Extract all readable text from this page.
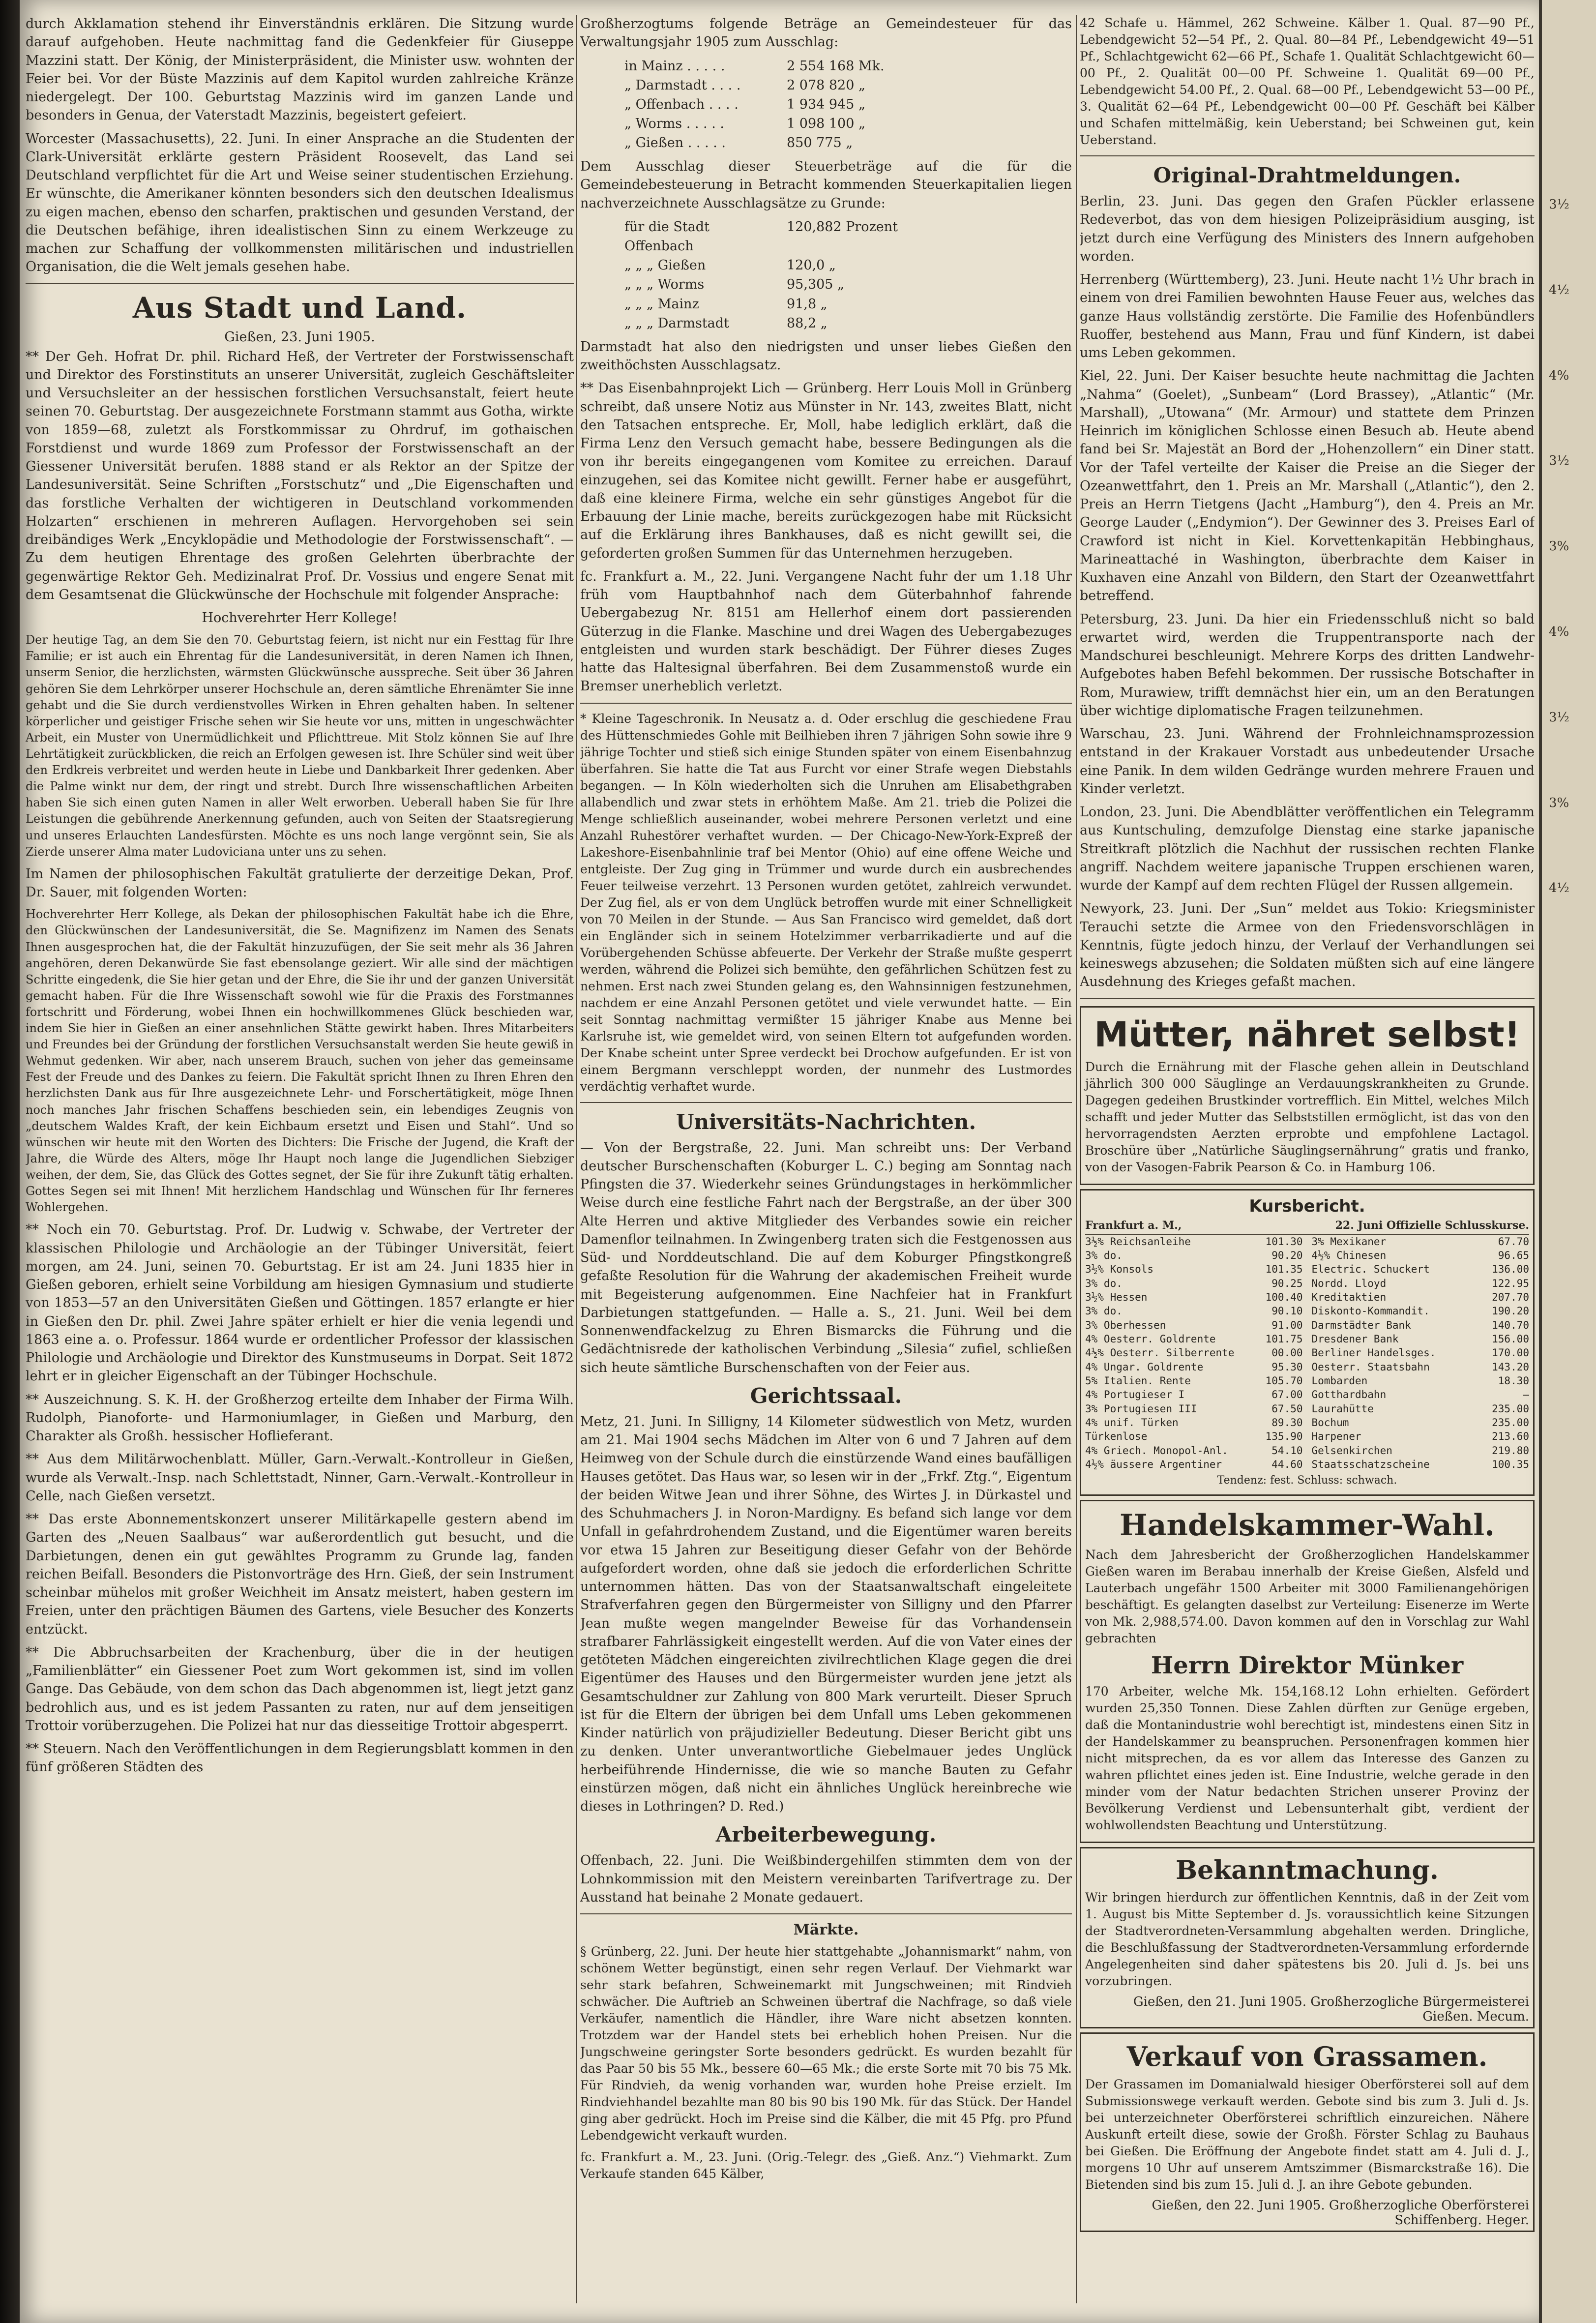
3½
4½
4%
3½
3%
4%
3½
3%
4½

durch Akklamation stehend ihr Einverständnis erklären. Die Sitzung wurde darauf aufgehoben. Heute nachmittag fand die Gedenkfeier für Giuseppe Mazzini statt. Der König, der Ministerpräsident, die Minister usw. wohnten der Feier bei. Vor der Büste Mazzinis auf dem Kapitol wurden zahlreiche Kränze niedergelegt. Der 100. Geburtstag Mazzinis wird im ganzen Lande und besonders in Genua, der Vaterstadt Mazzinis, begeistert gefeiert.

Worcester (Massachusetts), 22. Juni. In einer Ansprache an die Studenten der Clark-Universität erklärte gestern Präsident Roosevelt, das Land sei Deutschland verpflichtet für die Art und Weise seiner studentischen Erziehung. Er wünschte, die Amerikaner könnten besonders sich den deutschen Idealismus zu eigen machen, ebenso den scharfen, praktischen und gesunden Verstand, der die Deutschen befähige, ihren idealistischen Sinn zu einem Werkzeuge zu machen zur Schaffung der vollkommensten militärischen und industriellen Organisation, die die Welt jemals gesehen habe.

Aus Stadt und Land.
Gießen, 23. Juni 1905.

** Der Geh. Hofrat Dr. phil. Richard Heß, der Vertreter der Forstwissenschaft und Direktor des Forstinstituts an unserer Universität, zugleich Geschäftsleiter und Versuchsleiter an der hessischen forstlichen Versuchsanstalt, feiert heute seinen 70. Geburtstag. Der ausgezeichnete Forstmann stammt aus Gotha, wirkte von 1859—68, zuletzt als Forstkommissar zu Ohrdruf, im gothaischen Forstdienst und wurde 1869 zum Professor der Forstwissenschaft an der Giessener Universität berufen. 1888 stand er als Rektor an der Spitze der Landesuniversität. Seine Schriften „Forstschutz“ und „Die Eigenschaften und das forstliche Verhalten der wichtigeren in Deutschland vorkommenden Holzarten“ erschienen in mehreren Auflagen. Hervorgehoben sei sein dreibändiges Werk „Encyklopädie und Methodologie der Forstwissenschaft“. — Zu dem heutigen Ehrentage des großen Gelehrten überbrachte der gegenwärtige Rektor Geh. Medizinalrat Prof. Dr. Vossius und engere Senat mit dem Gesamtsenat die Glückwünsche der Hochschule mit folgender Ansprache:

Hochverehrter Herr Kollege!

Der heutige Tag, an dem Sie den 70. Geburtstag feiern, ist nicht nur ein Festtag für Ihre Familie; er ist auch ein Ehrentag für die Landesuniversität, in deren Namen ich Ihnen, unserm Senior, die herzlichsten, wärmsten Glückwünsche ausspreche. Seit über 36 Jahren gehören Sie dem Lehrkörper unserer Hochschule an, deren sämtliche Ehrenämter Sie inne gehabt und die Sie durch verdienstvolles Wirken in Ehren gehalten haben. In seltener körperlicher und geistiger Frische sehen wir Sie heute vor uns, mitten in ungeschwächter Arbeit, ein Muster von Unermüdlichkeit und Pflichttreue. Mit Stolz können Sie auf Ihre Lehrtätigkeit zurückblicken, die reich an Erfolgen gewesen ist. Ihre Schüler sind weit über den Erdkreis verbreitet und werden heute in Liebe und Dankbarkeit Ihrer gedenken. Aber die Palme winkt nur dem, der ringt und strebt. Durch Ihre wissenschaftlichen Arbeiten haben Sie sich einen guten Namen in aller Welt erworben. Ueberall haben Sie für Ihre Leistungen die gebührende Anerkennung gefunden, auch von Seiten der Staatsregierung und unseres Erlauchten Landesfürsten. Möchte es uns noch lange vergönnt sein, Sie als Zierde unserer Alma mater Ludoviciana unter uns zu sehen.

Im Namen der philosophischen Fakultät gratulierte der derzeitige Dekan, Prof. Dr. Sauer, mit folgenden Worten:

Hochverehrter Herr Kollege, als Dekan der philosophischen Fakultät habe ich die Ehre, den Glückwünschen der Landesuniversität, die Se. Magnifizenz im Namen des Senats Ihnen ausgesprochen hat, die der Fakultät hinzuzufügen, der Sie seit mehr als 36 Jahren angehören, deren Dekanwürde Sie fast ebensolange geziert. Wir alle sind der mächtigen Schritte eingedenk, die Sie hier getan und der Ehre, die Sie ihr und der ganzen Universität gemacht haben. Für die Ihre Wissenschaft sowohl wie für die Praxis des Forstmannes fortschritt und Förderung, wobei Ihnen ein hochwillkommenes Glück beschieden war, indem Sie hier in Gießen an einer ansehnlichen Stätte gewirkt haben. Ihres Mitarbeiters und Freundes bei der Gründung der forstlichen Versuchsanstalt werden Sie heute gewiß in Wehmut gedenken. Wir aber, nach unserem Brauch, suchen von jeher das gemeinsame Fest der Freude und des Dankes zu feiern. Die Fakultät spricht Ihnen zu Ihren Ehren den herzlichsten Dank aus für Ihre ausgezeichnete Lehr- und Forschertätigkeit, möge Ihnen noch manches Jahr frischen Schaffens beschieden sein, ein lebendiges Zeugnis von „deutschem Waldes Kraft, der kein Eichbaum ersetzt und Eisen und Stahl“. Und so wünschen wir heute mit den Worten des Dichters: Die Frische der Jugend, die Kraft der Jahre, die Würde des Alters, möge Ihr Haupt noch lange die Jugendlichen Siebziger weihen, der dem, Sie, das Glück des Gottes segnet, der Sie für ihre Zukunft tätig erhalten. Gottes Segen sei mit Ihnen! Mit herzlichem Handschlag und Wünschen für Ihr ferneres Wohlergehen.

** Noch ein 70. Geburtstag. Prof. Dr. Ludwig v. Schwabe, der Vertreter der klassischen Philologie und Archäologie an der Tübinger Universität, feiert morgen, am 24. Juni, seinen 70. Geburtstag. Er ist am 24. Juni 1835 hier in Gießen geboren, erhielt seine Vorbildung am hiesigen Gymnasium und studierte von 1853—57 an den Universitäten Gießen und Göttingen. 1857 erlangte er hier in Gießen den Dr. phil. Zwei Jahre später erhielt er hier die venia legendi und 1863 eine a. o. Professur. 1864 wurde er ordentlicher Professor der klassischen Philologie und Archäologie und Direktor des Kunstmuseums in Dorpat. Seit 1872 lehrt er in gleicher Eigenschaft an der Tübinger Hochschule.

** Auszeichnung. S. K. H. der Großherzog erteilte dem Inhaber der Firma Wilh. Rudolph, Pianoforte- und Harmoniumlager, in Gießen und Marburg, den Charakter als Großh. hessischer Hoflieferant.

** Aus dem Militärwochenblatt. Müller, Garn.-Verwalt.-Kontrolleur in Gießen, wurde als Verwalt.-Insp. nach Schlettstadt, Ninner, Garn.-Verwalt.-Kontrolleur in Celle, nach Gießen versetzt.

** Das erste Abonnementskonzert unserer Militärkapelle gestern abend im Garten des „Neuen Saalbaus“ war außerordentlich gut besucht, und die Darbietungen, denen ein gut gewähltes Programm zu Grunde lag, fanden reichen Beifall. Besonders die Pistonvorträge des Hrn. Gieß, der sein Instrument scheinbar mühelos mit großer Weichheit im Ansatz meistert, haben gestern im Freien, unter den prächtigen Bäumen des Gartens, viele Besucher des Konzerts entzückt.

** Die Abbruchsarbeiten der Krachenburg, über die in der heutigen „Familienblätter“ ein Giessener Poet zum Wort gekommen ist, sind im vollen Gange. Das Gebäude, von dem schon das Dach abgenommen ist, liegt jetzt ganz bedrohlich aus, und es ist jedem Passanten zu raten, nur auf dem jenseitigen Trottoir vorüberzugehen. Die Polizei hat nur das diesseitige Trottoir abgesperrt.

** Steuern. Nach den Veröffentlichungen in dem Regierungsblatt kommen in den fünf größeren Städten des

Großherzogtums folgende Beträge an Gemeindesteuer für das Verwaltungsjahr 1905 zum Ausschlag:

in Mainz . . . . .	2 554 168 Mk.
„ Darmstadt . . . .	2 078 820 „
„ Offenbach . . . .	1 934 945 „
„ Worms . . . . .	1 098 100 „
„ Gießen . . . . .	850 775 „

Dem Ausschlag dieser Steuerbeträge auf die für die Gemeindebesteuerung in Betracht kommenden Steuerkapitalien liegen nachverzeichnete Ausschlagsätze zu Grunde:

für die Stadt Offenbach
120,882 Prozent
„ „ „ Gießen	120,0 „
„ „ „ Worms	95,305 „
„ „ „ Mainz	91,8 „
„ „ „ Darmstadt	88,2 „

Darmstadt hat also den niedrigsten und unser liebes Gießen den zweithöchsten Ausschlagsatz.

** Das Eisenbahnprojekt Lich — Grünberg. Herr Louis Moll in Grünberg schreibt, daß unsere Notiz aus Münster in Nr. 143, zweites Blatt, nicht den Tatsachen entspreche. Er, Moll, habe lediglich erklärt, daß die Firma Lenz den Versuch gemacht habe, bessere Bedingungen als die von ihr bereits eingegangenen vom Komitee zu erreichen. Darauf einzugehen, sei das Komitee nicht gewillt. Ferner habe er ausgeführt, daß eine kleinere Firma, welche ein sehr günstiges Angebot für die Erbauung der Linie mache, bereits zurückgezogen habe mit Rücksicht auf die Erklärung ihres Bankhauses, daß es nicht gewillt sei, die geforderten großen Summen für das Unternehmen herzugeben.

fc. Frankfurt a. M., 22. Juni. Vergangene Nacht fuhr der um 1.18 Uhr früh vom Hauptbahnhof nach dem Güterbahnhof fahrende Uebergabezug Nr. 8151 am Hellerhof einem dort passierenden Güterzug in die Flanke. Maschine und drei Wagen des Uebergabezuges entgleisten und wurden stark beschädigt. Der Führer dieses Zuges hatte das Haltesignal überfahren. Bei dem Zusammenstoß wurde ein Bremser unerheblich verletzt.

* Kleine Tageschronik. In Neusatz a. d. Oder erschlug die geschiedene Frau des Hüttenschmiedes Gohle mit Beilhieben ihren 7 jährigen Sohn sowie ihre 9 jährige Tochter und stieß sich einige Stunden später von einem Eisenbahnzug überfahren. Sie hatte die Tat aus Furcht vor einer Strafe wegen Diebstahls begangen. — In Köln wiederholten sich die Unruhen am Elisabethgraben allabendlich und zwar stets in erhöhtem Maße. Am 21. trieb die Polizei die Menge schließlich auseinander, wobei mehrere Personen verletzt und eine Anzahl Ruhestörer verhaftet wurden. — Der Chicago-New-York-Expreß der Lakeshore-Eisenbahnlinie traf bei Mentor (Ohio) auf eine offene Weiche und entgleiste. Der Zug ging in Trümmer und wurde durch ein ausbrechendes Feuer teilweise verzehrt. 13 Personen wurden getötet, zahlreich verwundet. Der Zug fiel, als er von dem Unglück betroffen wurde mit einer Schnelligkeit von 70 Meilen in der Stunde. — Aus San Francisco wird gemeldet, daß dort ein Engländer sich in seinem Hotelzimmer verbarrikadierte und auf die Vorübergehenden Schüsse abfeuerte. Der Verkehr der Straße mußte gesperrt werden, während die Polizei sich bemühte, den gefährlichen Schützen fest zu nehmen. Erst nach zwei Stunden gelang es, den Wahnsinnigen festzunehmen, nachdem er eine Anzahl Personen getötet und viele verwundet hatte. — Ein seit Sonntag nachmittag vermißter 15 jähriger Knabe aus Menne bei Karlsruhe ist, wie gemeldet wird, von seinen Eltern tot aufgefunden worden. Der Knabe scheint unter Spree verdeckt bei Drochow aufgefunden. Er ist von einem Bergmann verschleppt worden, der nunmehr des Lustmordes verdächtig verhaftet wurde.

Universitäts-Nachrichten.

— Von der Bergstraße, 22. Juni. Man schreibt uns: Der Verband deutscher Burschenschaften (Koburger L. C.) beging am Sonntag nach Pfingsten die 37. Wiederkehr seines Gründungstages in herkömmlicher Weise durch eine festliche Fahrt nach der Bergstraße, an der über 300 Alte Herren und aktive Mitglieder des Verbandes sowie ein reicher Damenflor teilnahmen. In Zwingenberg traten sich die Festgenossen aus Süd- und Norddeutschland. Die auf dem Koburger Pfingstkongreß gefaßte Resolution für die Wahrung der akademischen Freiheit wurde mit Begeisterung aufgenommen. Eine Nachfeier hat in Frankfurt Darbietungen stattgefunden. — Halle a. S., 21. Juni. Weil bei dem Sonnenwendfackelzug zu Ehren Bismarcks die Führung und die Gedächtnisrede der katholischen Verbindung „Silesia“ zufiel, schließen sich heute sämtliche Burschenschaften von der Feier aus.

Gerichtssaal.

Metz, 21. Juni. In Silligny, 14 Kilometer südwestlich von Metz, wurden am 21. Mai 1904 sechs Mädchen im Alter von 6 und 7 Jahren auf dem Heimweg von der Schule durch die einstürzende Wand eines baufälligen Hauses getötet. Das Haus war, so lesen wir in der „Frkf. Ztg.“, Eigentum der beiden Witwe Jean und ihrer Söhne, des Wirtes J. in Dürkastel und des Schuhmachers J. in Noron-Mardigny. Es befand sich lange vor dem Unfall in gefahrdrohendem Zustand, und die Eigentümer waren bereits vor etwa 15 Jahren zur Beseitigung dieser Gefahr von der Behörde aufgefordert worden, ohne daß sie jedoch die erforderlichen Schritte unternommen hätten. Das von der Staatsanwaltschaft eingeleitete Strafverfahren gegen den Bürgermeister von Silligny und den Pfarrer Jean mußte wegen mangelnder Beweise für das Vorhandensein strafbarer Fahrlässigkeit eingestellt werden. Auf die von Vater eines der getöteten Mädchen eingereichten zivilrechtlichen Klage gegen die drei Eigentümer des Hauses und den Bürgermeister wurden jene jetzt als Gesamtschuldner zur Zahlung von 800 Mark verurteilt. Dieser Spruch ist für die Eltern der übrigen bei dem Unfall ums Leben gekommenen Kinder natürlich von präjudizieller Bedeutung. Dieser Bericht gibt uns zu denken. Unter unverantwortliche Giebelmauer jedes Unglück herbeiführende Hindernisse, die wie so manche Bauten zu Gefahr einstürzen mögen, daß nicht ein ähnliches Unglück hereinbreche wie dieses in Lothringen? D. Red.)

Arbeiterbewegung.

Offenbach, 22. Juni. Die Weißbindergehilfen stimmten dem von der Lohnkommission mit den Meistern vereinbarten Tarifvertrage zu. Der Ausstand hat beinahe 2 Monate gedauert.

Märkte.

§ Grünberg, 22. Juni. Der heute hier stattgehabte „Johannismarkt“ nahm, von schönem Wetter begünstigt, einen sehr regen Verlauf. Der Viehmarkt war sehr stark befahren, Schweinemarkt mit Jungschweinen; mit Rindvieh schwächer. Die Auftrieb an Schweinen übertraf die Nachfrage, so daß viele Verkäufer, namentlich die Händler, ihre Ware nicht absetzen konnten. Trotzdem war der Handel stets bei erheblich hohen Preisen. Nur die Jungschweine geringster Sorte besonders gedrückt. Es wurden bezahlt für das Paar 50 bis 55 Mk., bessere 60—65 Mk.; die erste Sorte mit 70 bis 75 Mk. Für Rindvieh, da wenig vorhanden war, wurden hohe Preise erzielt. Im Rindviehhandel bezahlte man 80 bis 90 bis 190 Mk. für das Stück. Der Handel ging aber gedrückt. Hoch im Preise sind die Kälber, die mit 45 Pfg. pro Pfund Lebendgewicht verkauft wurden.

fc. Frankfurt a. M., 23. Juni. (Orig.-Telegr. des „Gieß. Anz.“) Viehmarkt. Zum Verkaufe standen 645 Kälber,

42 Schafe u. Hämmel, 262 Schweine. Kälber 1. Qual. 87—90 Pf., Lebendgewicht 52—54 Pf., 2. Qual. 80—84 Pf., Lebendgewicht 49—51 Pf., Schlachtgewicht 62—66 Pf., Schafe 1. Qualität Schlachtgewicht 60—00 Pf., 2. Qualität 00—00 Pf. Schweine 1. Qualität 69—00 Pf., Lebendgewicht 54.00 Pf., 2. Qual. 68—00 Pf., Lebendgewicht 53—00 Pf., 3. Qualität 62—64 Pf., Lebendgewicht 00—00 Pf. Geschäft bei Kälber und Schafen mittelmäßig, kein Ueberstand; bei Schweinen gut, kein Ueberstand.

Original-Drahtmeldungen.

Berlin, 23. Juni. Das gegen den Grafen Pückler erlassene Redeverbot, das von dem hiesigen Polizeipräsidium ausging, ist jetzt durch eine Verfügung des Ministers des Innern aufgehoben worden.

Herrenberg (Württemberg), 23. Juni. Heute nacht 1½ Uhr brach in einem von drei Familien bewohnten Hause Feuer aus, welches das ganze Haus vollständig zerstörte. Die Familie des Hofenbündlers Ruoffer, bestehend aus Mann, Frau und fünf Kindern, ist dabei ums Leben gekommen.

Kiel, 22. Juni. Der Kaiser besuchte heute nachmittag die Jachten „Nahma“ (Goelet), „Sunbeam“ (Lord Brassey), „Atlantic“ (Mr. Marshall), „Utowana“ (Mr. Armour) und stattete dem Prinzen Heinrich im königlichen Schlosse einen Besuch ab. Heute abend fand bei Sr. Majestät an Bord der „Hohenzollern“ ein Diner statt. Vor der Tafel verteilte der Kaiser die Preise an die Sieger der Ozeanwettfahrt, den 1. Preis an Mr. Marshall („Atlantic“), den 2. Preis an Herrn Tietgens (Jacht „Hamburg“), den 4. Preis an Mr. George Lauder („Endymion“). Der Gewinner des 3. Preises Earl of Crawford ist nicht in Kiel. Korvettenkapitän Hebbinghaus, Marineattaché in Washington, überbrachte dem Kaiser in Kuxhaven eine Anzahl von Bildern, den Start der Ozeanwettfahrt betreffend.

Petersburg, 23. Juni. Da hier ein Friedensschluß nicht so bald erwartet wird, werden die Truppentransporte nach der Mandschurei beschleunigt. Mehrere Korps des dritten Landwehr-Aufgebotes haben Befehl bekommen. Der russische Botschafter in Rom, Murawiew, trifft demnächst hier ein, um an den Beratungen über wichtige diplomatische Fragen teilzunehmen.

Warschau, 23. Juni. Während der Frohnleichnamsprozession entstand in der Krakauer Vorstadt aus unbedeutender Ursache eine Panik. In dem wilden Gedränge wurden mehrere Frauen und Kinder verletzt.

London, 23. Juni. Die Abendblätter veröffentlichen ein Telegramm aus Kuntschuling, demzufolge Dienstag eine starke japanische Streitkraft plötzlich die Nachhut der russischen rechten Flanke angriff. Nachdem weitere japanische Truppen erschienen waren, wurde der Kampf auf dem rechten Flügel der Russen allgemein.

Newyork, 23. Juni. Der „Sun“ meldet aus Tokio: Kriegsminister Terauchi setzte die Armee von den Friedensvorschlägen in Kenntnis, fügte jedoch hinzu, der Verlauf der Verhandlungen sei keineswegs abzusehen; die Soldaten müßten sich auf eine längere Ausdehnung des Krieges gefaßt machen.

Mütter, nähret selbst!

Durch die Ernährung mit der Flasche gehen allein in Deutschland jährlich 300 000 Säuglinge an Verdauungskrankheiten zu Grunde. Dagegen gedeihen Brustkinder vortrefflich. Ein Mittel, welches Milch schafft und jeder Mutter das Selbststillen ermöglicht, ist das von den hervorragendsten Aerzten erprobte und empfohlene Lactagol. Broschüre über „Natürliche Säuglingsernährung“ gratis und franko, von der Vasogen-Fabrik Pearson & Co. in Hamburg 106.

Kursbericht.
Frankfurt a. M.,	22. Juni Offizielle Schlusskurse.
3½% Reichsanleihe	101.30
3% do.	90.20
3½% Konsols	101.35
3% do.	90.25
3½% Hessen	100.40
3% do.	90.10
3% Oberhessen	91.00
4% Oesterr. Goldrente	101.75
4½% Oesterr. Silberrente	00.00
4% Ungar. Goldrente	95.30
5% Italien. Rente	105.70
4% Portugieser I	67.00
3% Portugiesen III	67.50
4% unif. Türken	89.30
Türkenlose	135.90
4% Griech. Monopol-Anl.	54.10
4½% äussere Argentiner	44.60
3% Mexikaner	67.70
4½% Chinesen	96.65
Electric. Schuckert	136.00
Nordd. Lloyd	122.95
Kreditaktien	207.70
Diskonto-Kommandit.	190.20
Darmstädter Bank	140.70
Dresdener Bank	156.00
Berliner Handelsges.	170.00
Oesterr. Staatsbahn	143.20
Lombarden	18.30
Gotthardbahn	—
Laurahütte	235.00
Bochum	235.00
Harpener	213.60
Gelsenkirchen	219.80
Staatsschatzscheine	100.35
Tendenz: fest. Schluss: schwach.
Handelskammer-Wahl.

Nach dem Jahresbericht der Großherzoglichen Handelskammer Gießen waren im Berabau innerhalb der Kreise Gießen, Alsfeld und Lauterbach ungefähr 1500 Arbeiter mit 3000 Familienangehörigen beschäftigt. Es gelangten daselbst zur Verteilung: Eisenerze im Werte von Mk. 2,988,574.00. Davon kommen auf den in Vorschlag zur Wahl gebrachten

Herrn Direktor Münker

170 Arbeiter, welche Mk. 154,168.12 Lohn erhielten. Gefördert wurden 25,350 Tonnen. Diese Zahlen dürften zur Genüge ergeben, daß die Montanindustrie wohl berechtigt ist, mindestens einen Sitz in der Handelskammer zu beanspruchen. Personenfragen kommen hier nicht mitsprechen, da es vor allem das Interesse des Ganzen zu wahren pflichtet eines jeden ist. Eine Industrie, welche gerade in den minder vom der Natur bedachten Strichen unserer Provinz der Bevölkerung Verdienst und Lebensunterhalt gibt, verdient der wohlwollendsten Beachtung und Unterstützung.

Bekanntmachung.

Wir bringen hierdurch zur öffentlichen Kenntnis, daß in der Zeit vom 1. August bis Mitte September d. Js. voraussichtlich keine Sitzungen der Stadtverordneten-Versammlung abgehalten werden. Dringliche, die Beschlußfassung der Stadtverordneten-Versammlung erfordernde Angelegenheiten sind daher spätestens bis 20. Juli d. Js. bei uns vorzubringen.

Gießen, den 21. Juni 1905. Großherzogliche Bürgermeisterei Gießen. Mecum.
Verkauf von Grassamen.

Der Grassamen im Domanialwald hiesiger Oberförsterei soll auf dem Submissionswege verkauft werden. Gebote sind bis zum 3. Juli d. Js. bei unterzeichneter Oberförsterei schriftlich einzureichen. Nähere Auskunft erteilt diese, sowie der Großh. Förster Schlag zu Bauhaus bei Gießen. Die Eröffnung der Angebote findet statt am 4. Juli d. J., morgens 10 Uhr auf unserem Amtszimmer (Bismarckstraße 16). Die Bietenden sind bis zum 15. Juli d. J. an ihre Gebote gebunden.

Gießen, den 22. Juni 1905. Großherzogliche Oberförsterei Schiffenberg. Heger.
